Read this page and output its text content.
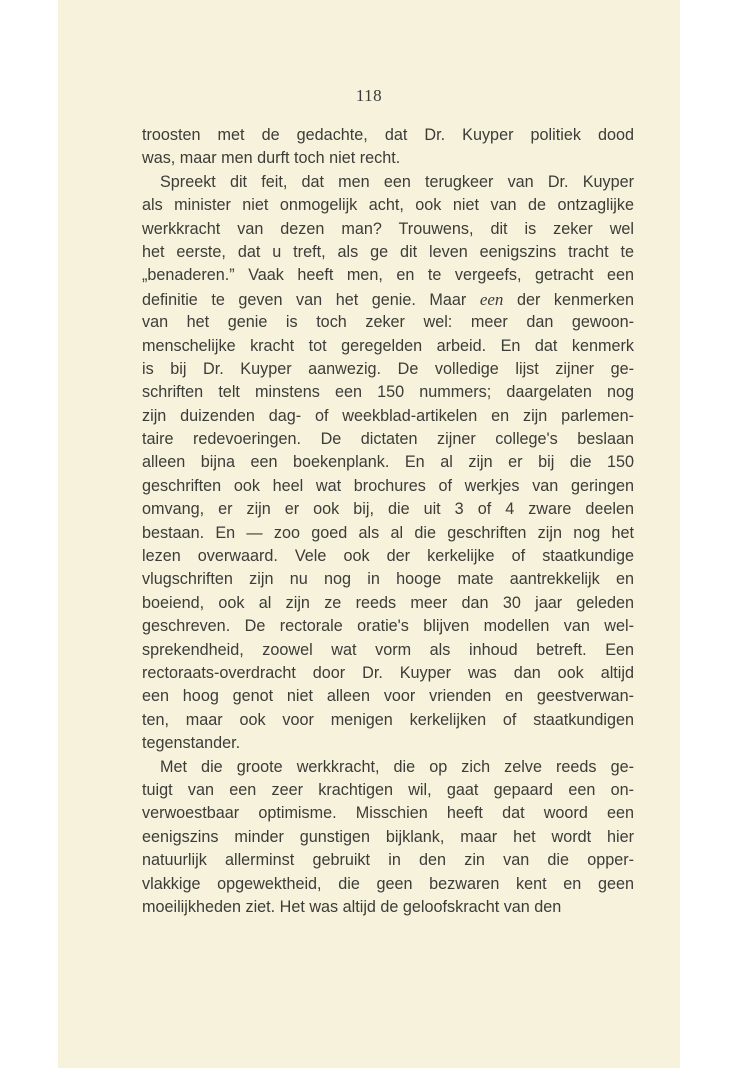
118
troosten met de gedachte, dat Dr. Kuyper politiek dood
was, maar men durft toch niet recht.
Spreekt dit feit, dat men een terugkeer van Dr. Kuyper
als minister niet onmogelijk acht, ook niet van de ontzaglijke
werkkracht van dezen man? Trouwens, dit is zeker wel
het eerste, dat u treft, als ge dit leven eenigszins tracht te
„benaderen.” Vaak heeft men, en te vergeefs, getracht een
definitie te geven van het genie. Maar een der kenmerken
van het genie is toch zeker wel: meer dan gewoon-
menschelijke kracht tot geregelden arbeid. En dat kenmerk
is bij Dr. Kuyper aanwezig. De volledige lijst zijner ge-
schriften telt minstens een 150 nummers; daargelaten nog
zijn duizenden dag- of weekblad-artikelen en zijn parlemen-
taire redevoeringen. De dictaten zijner college's beslaan
alleen bijna een boekenplank. En al zijn er bij die 150
geschriften ook heel wat brochures of werkjes van geringen
omvang, er zijn er ook bij, die uit 3 of 4 zware deelen
bestaan. En — zoo goed als al die geschriften zijn nog het
lezen overwaard. Vele ook der kerkelijke of staatkundige
vlugschriften zijn nu nog in hooge mate aantrekkelijk en
boeiend, ook al zijn ze reeds meer dan 30 jaar geleden
geschreven. De rectorale oratie's blijven modellen van wel-
sprekendheid, zoowel wat vorm als inhoud betreft. Een
rectoraats-overdracht door Dr. Kuyper was dan ook altijd
een hoog genot niet alleen voor vrienden en geestverwan-
ten, maar ook voor menigen kerkelijken of staatkundigen
tegenstander.
Met die groote werkkracht, die op zich zelve reeds ge-
tuigt van een zeer krachtigen wil, gaat gepaard een on-
verwoestbaar optimisme. Misschien heeft dat woord een
eenigszins minder gunstigen bijklank, maar het wordt hier
natuurlijk allerminst gebruikt in den zin van die opper-
vlakkige opgewektheid, die geen bezwaren kent en geen
moeilijkheden ziet. Het was altijd de geloofskracht van den
